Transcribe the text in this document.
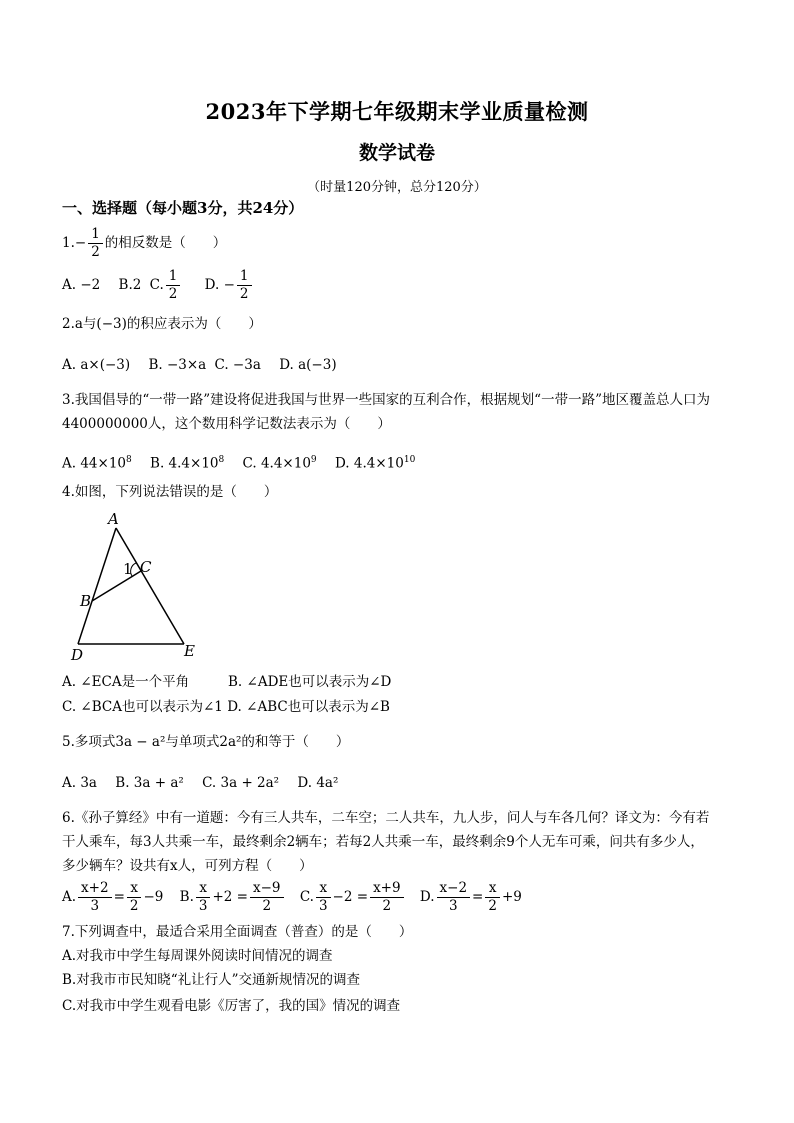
2023年下学期七年级期末学业质量检测
数学试卷
（时量120分钟，总分120分）
一、选择题（每小题3分，共24分）
$1.- \frac{1}{2}$ 的相反数是（　　）
A. −2 B.2 C. $\frac{1}{2} D$. − $\frac{1}{2}$
2.a与(−3)的积应表示为（　　）
A. a×(−3) B. −3×a C. −3a D. a(−3)
3.我国倡导的“一带一路”建设将促进我国与世界一些国家的互利合作，根据规划“一带一路”地区覆盖总人口为
4400000000人，这个数用科学记数法表示为（　　）
A. $44\times 10^8$ B. $4.4\times 10^8$ C. $4.4\times 10^9$ D. $4.4\times 10^{10}$
4.如图，下列说法错误的是（　　）
A
B
C
D	E
1
A. ∠ECA是一个平角	B. ∠ADE也可以表示为∠D
C. ∠BCA也可以表示为∠1 D. ∠ABC也可以表示为∠B
5.多项式3a − a²与单项式2a²的和等于（　　）
A. 3a B. 3a + a² C. 3a + 2a² D. 4a²
6.《孙子算经》中有一道题：今有三人共车，二车空；二人共车，九人步，问人与车各几何？译文为：今有若
干人乘车，每3人共乘一车，最终剩余2辆车；若每2人共乘一车，最终剩余9个人无车可乘，问共有多少人，
多少辆车？设共有x人，可列方程（　　）
A. $\frac{x+2}{3} = \frac{x}{2} -9$ B. $\frac{x}{3} +2 = \frac{x-9}{2} C$. $\frac{x}{3} -2 = \frac{x+9}{2} D$. $\frac{x-2}{3} = \frac{x}{2} +9$
7.下列调查中，最适合采用全面调查（普查）的是（　　）
A.对我市中学生每周课外阅读时间情况的调查
B.对我市市民知晓“礼让行人”交通新规情况的调查
C.对我市中学生观看电影《厉害了，我的国》情况的调查
